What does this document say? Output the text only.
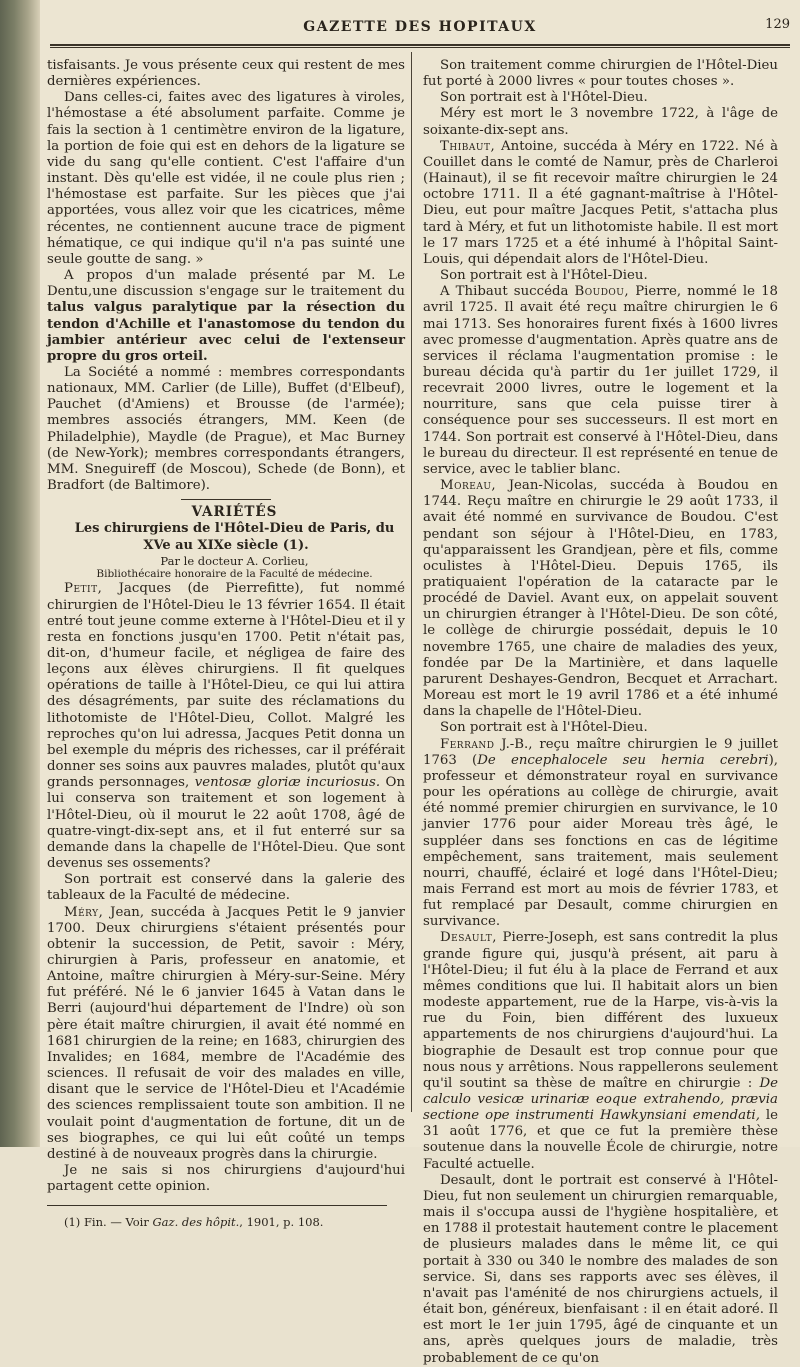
GAZETTE DES HOPITAUX	129

tisfaisants. Je vous présente ceux qui restent de mes dernières expériences.

Dans celles-ci, faites avec des ligatures à viroles, l'hémostase a été absolument parfaite. Comme je fais la section à 1 centimètre environ de la ligature, la portion de foie qui est en dehors de la ligature se vide du sang qu'elle contient. C'est l'affaire d'un instant. Dès qu'elle est vidée, il ne coule plus rien ; l'hémostase est parfaite. Sur les pièces que j'ai apportées, vous allez voir que les cicatrices, même récentes, ne contiennent aucune trace de pigment hématique, ce qui indique qu'il n'a pas suinté une seule goutte de sang. »

A propos d'un malade présenté par M. Le Dentu,une discussion s'engage sur le traitement du talus valgus paralytique par la résection du tendon d'Achille et l'anastomose du tendon du jambier antérieur avec celui de l'extenseur propre du gros orteil.

La Société a nommé : membres correspondants nationaux, MM. Carlier (de Lille), Buffet (d'Elbeuf), Pauchet (d'Amiens) et Brousse (de l'armée); membres associés étrangers, MM. Keen (de Philadelphie), Maydle (de Prague), et Mac Burney (de New-York); membres correspondants étrangers, MM. Sneguireff (de Moscou), Schede (de Bonn), et Bradfort (de Baltimore).

VARIÉTÉS

Les chirurgiens de l'Hôtel-Dieu de Paris, du XVe au XIXe siècle (1).

Par le docteur A. Corlieu,

Bibliothécaire honoraire de la Faculté de médecine.

Petit, Jacques (de Pierrefitte), fut nommé chirurgien de l'Hôtel-Dieu le 13 février 1654. Il était entré tout jeune comme externe à l'Hôtel-Dieu et il y resta en fonctions jusqu'en 1700. Petit n'était pas, dit-on, d'humeur facile, et négligea de faire des leçons aux élèves chirurgiens. Il fit quelques opérations de taille à l'Hôtel-Dieu, ce qui lui attira des désagréments, par suite des réclamations du lithotomiste de l'Hôtel-Dieu, Collot. Malgré les reproches qu'on lui adressa, Jacques Petit donna un bel exemple du mépris des richesses, car il préférait donner ses soins aux pauvres malades, plutôt qu'aux grands personnages, ventosæ gloriæ incuriosus. On lui conserva son traitement et son logement à l'Hôtel-Dieu, où il mourut le 22 août 1708, âgé de quatre-vingt-dix-sept ans, et il fut enterré sur sa demande dans la chapelle de l'Hôtel-Dieu. Que sont devenus ses ossements?

Son portrait est conservé dans la galerie des tableaux de la Faculté de médecine.

Méry, Jean, succéda à Jacques Petit le 9 janvier 1700. Deux chirurgiens s'étaient présentés pour obtenir la succession, de Petit, savoir : Méry, chirurgien à Paris, professeur en anatomie, et Antoine, maître chirurgien à Méry-sur-Seine. Méry fut préféré. Né le 6 janvier 1645 à Vatan dans le Berri (aujourd'hui département de l'Indre) où son père était maître chirurgien, il avait été nommé en 1681 chirurgien de la reine; en 1683, chirurgien des Invalides; en 1684, membre de l'Académie des sciences. Il refusait de voir des malades en ville, disant que le service de l'Hôtel-Dieu et l'Académie des sciences remplissaient toute son ambition. Il ne voulait point d'augmentation de fortune, dit un de ses biographes, ce qui lui eût coûté un temps destiné à de nouveaux progrès dans la chirurgie.

Je ne sais si nos chirurgiens d'aujourd'hui partagent cette opinion.

(1) Fin. — Voir Gaz. des hôpit., 1901, p. 108.

Son traitement comme chirurgien de l'Hôtel-Dieu fut porté à 2000 livres « pour toutes choses ».

Son portrait est à l'Hôtel-Dieu.

Méry est mort le 3 novembre 1722, à l'âge de soixante-dix-sept ans.

Thibaut, Antoine, succéda à Méry en 1722. Né à Couillet dans le comté de Namur, près de Charleroi (Hainaut), il se fit recevoir maître chirurgien le 24 octobre 1711. Il a été gagnant-maîtrise à l'Hôtel-Dieu, eut pour maître Jacques Petit, s'attacha plus tard à Méry, et fut un lithotomiste habile. Il est mort le 17 mars 1725 et a été inhumé à l'hôpital Saint-Louis, qui dépendait alors de l'Hôtel-Dieu.

Son portrait est à l'Hôtel-Dieu.

A Thibaut succéda Boudou, Pierre, nommé le 18 avril 1725. Il avait été reçu maître chirurgien le 6 mai 1713. Ses honoraires furent fixés à 1600 livres avec promesse d'augmentation. Après quatre ans de services il réclama l'augmentation promise : le bureau décida qu'à partir du 1er juillet 1729, il recevrait 2000 livres, outre le logement et la nourriture, sans que cela puisse tirer à conséquence pour ses successeurs. Il est mort en 1744. Son portrait est conservé à l'Hôtel-Dieu, dans le bureau du directeur. Il est représenté en tenue de service, avec le tablier blanc.

Moreau, Jean-Nicolas, succéda à Boudou en 1744. Reçu maître en chirurgie le 29 août 1733, il avait été nommé en survivance de Boudou. C'est pendant son séjour à l'Hôtel-Dieu, en 1783, qu'apparaissent les Grandjean, père et fils, comme oculistes à l'Hôtel-Dieu. Depuis 1765, ils pratiquaient l'opération de la cataracte par le procédé de Daviel. Avant eux, on appelait souvent un chirurgien étranger à l'Hôtel-Dieu. De son côté, le collège de chirurgie possédait, depuis le 10 novembre 1765, une chaire de maladies des yeux, fondée par De la Martinière, et dans laquelle parurent Deshayes-Gendron, Becquet et Arrachart. Moreau est mort le 19 avril 1786 et a été inhumé dans la chapelle de l'Hôtel-Dieu.

Son portrait est à l'Hôtel-Dieu.

Ferrand J.-B., reçu maître chirurgien le 9 juillet 1763 (De encephalocele seu hernia cerebri), professeur et démonstrateur royal en survivance pour les opérations au collège de chirurgie, avait été nommé premier chirurgien en survivance, le 10 janvier 1776 pour aider Moreau très âgé, le suppléer dans ses fonctions en cas de légitime empêchement, sans traitement, mais seulement nourri, chauffé, éclairé et logé dans l'Hôtel-Dieu; mais Ferrand est mort au mois de février 1783, et fut remplacé par Desault, comme chirurgien en survivance.

Desault, Pierre-Joseph, est sans contredit la plus grande figure qui, jusqu'à présent, ait paru à l'Hôtel-Dieu; il fut élu à la place de Ferrand et aux mêmes conditions que lui. Il habitait alors un bien modeste appartement, rue de la Harpe, vis-à-vis la rue du Foin, bien différent des luxueux appartements de nos chirurgiens d'aujourd'hui. La biographie de Desault est trop connue pour que nous nous y arrêtions. Nous rappellerons seulement qu'il soutint sa thèse de maître en chirurgie : De calculo vesicæ urinariæ eoque extrahendo, prævia sectione ope instrumenti Hawkynsiani emendati, le 31 août 1776, et que ce fut la première thèse soutenue dans la nouvelle École de chirurgie, notre Faculté actuelle.

Desault, dont le portrait est conservé à l'Hôtel-Dieu, fut non seulement un chirurgien remarquable, mais il s'occupa aussi de l'hygiène hospitalière, et en 1788 il protestait hautement contre le placement de plusieurs malades dans le même lit, ce qui portait à 330 ou 340 le nombre des malades de son service. Si, dans ses rapports avec ses élèves, il n'avait pas l'aménité de nos chirurgiens actuels, il était bon, généreux, bienfaisant : il en était adoré. Il est mort le 1er juin 1795, âgé de cinquante et un ans, après quelques jours de maladie, très probablement de ce qu'on
